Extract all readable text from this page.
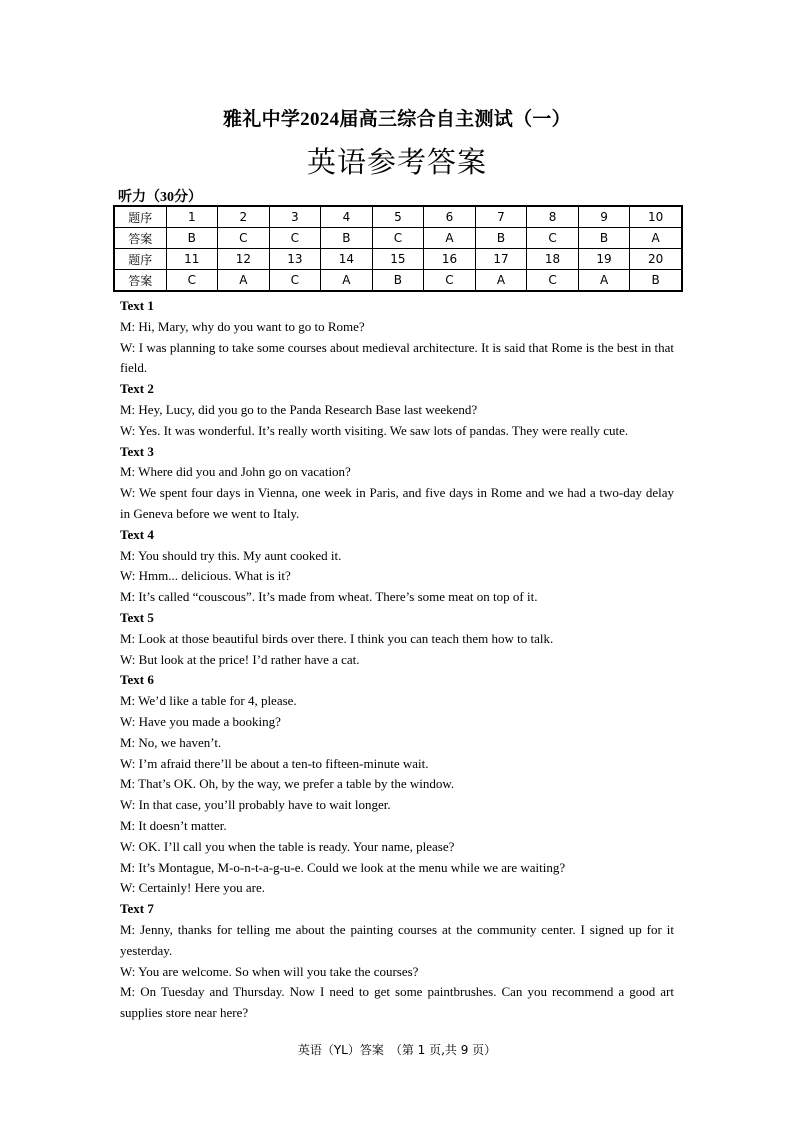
雅礼中学2024届高三综合自主测试（一）
英语参考答案
听力（30分）
题序	1	2	3	4	5	6	7	8	9	10
答案	B	C	C	B	C	A	B	C	B	A
题序	11	12	13	14	15	16	17	18	19	20
答案	C	A	C	A	B	C	A	C	A	B

Text 1

M: Hi, Mary, why do you want to go to Rome?

W: I was planning to take some courses about medieval architecture. It is said that Rome is the best in that field.

Text 2

M: Hey, Lucy, did you go to the Panda Research Base last weekend?

W: Yes. It was wonderful. It’s really worth visiting. We saw lots of pandas. They were really cute.

Text 3

M: Where did you and John go on vacation?

W: We spent four days in Vienna, one week in Paris, and five days in Rome and we had a two-day delay in Geneva before we went to Italy.

Text 4

M: You should try this. My aunt cooked it.

W: Hmm... delicious. What is it?

M: It’s called “couscous”. It’s made from wheat. There’s some meat on top of it.

Text 5

M: Look at those beautiful birds over there. I think you can teach them how to talk.

W: But look at the price! I’d rather have a cat.

Text 6

M: We’d like a table for 4, please.

W: Have you made a booking?

M: No, we haven’t.

W: I’m afraid there’ll be about a ten-to fifteen-minute wait.

M: That’s OK. Oh, by the way, we prefer a table by the window.

W: In that case, you’ll probably have to wait longer.

M: It doesn’t matter.

W: OK. I’ll call you when the table is ready. Your name, please?

M: It’s Montague, M-o-n-t-a-g-u-e. Could we look at the menu while we are waiting?

W: Certainly! Here you are.

Text 7

M: Jenny, thanks for telling me about the painting courses at the community center. I signed up for it yesterday.

W: You are welcome. So when will you take the courses?

M: On Tuesday and Thursday. Now I need to get some paintbrushes. Can you recommend a good art supplies store near here?

英语（YL）答案　（第 1 页,共 9 页）
